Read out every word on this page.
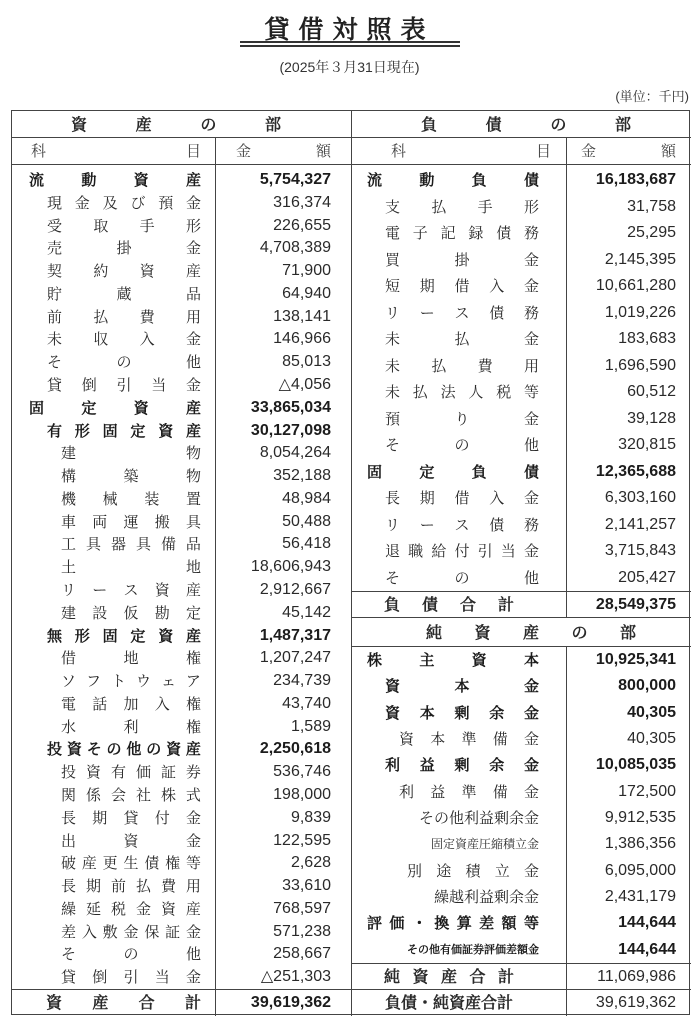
貸借対照表
(2025年３月31日現在)
(単位：千円)
資	産	の	部	負	債	の	部
科	目 金	額	科	目 金	額
流 動 資 産	5,754,327
現 金 及 び 預 金	316,374
受 取 手 形	226,655
売	掛	金	4,708,389
契 約 資 産	71,900
貯	蔵	品	64,940
前 払 費 用	138,141
未 収 入 金	146,966
そ	の	他	85,013
貸 倒 引 当 金	△4,056
固 定 資 産	33,865,034
有 形 固 定 資 産	30,127,098
建	物	8,054,264
構	築	物	352,188
機 械 装 置	48,984
車 両 運 搬 具	50,488
工 具 器 具 備 品	56,418
土	地	18,606,943
リ ー ス 資 産	2,912,667
建 設 仮 勘 定	45,142
無 形 固 定 資 産	1,487,317
借	地	権	1,207,247
ソ フ ト ウ ェ ア	234,739
電 話 加 入 権	43,740
水	利	権	1,589
投 資 そ の 他 の 資 産	2,250,618
投 資 有 価 証 券	536,746
関 係 会 社 株 式	198,000
長 期 貸 付 金	9,839
出	資	金	122,595
破 産 更 生 債 権 等	2,628
長 期 前 払 費 用	33,610
繰 延 税 金 資 産	768,597
差 入 敷 金 保 証 金	571,238
そ	の	他	258,667
貸 倒 引 当 金	△251,303
資 産 合 計	39,619,362
流 動 負 債	16,183,687
支 払 手 形	31,758
電 子 記 録 債 務	25,295
買	掛	金	2,145,395
短 期 借 入 金	10,661,280
リ ー ス 債 務	1,019,226
未	払	金	183,683
未 払 費 用	1,696,590
未 払 法 人 税 等	60,512
預	り	金	39,128
そ	の	他	320,815
固 定 負 債	12,365,688
長 期 借 入 金	6,303,160
リ ー ス 債 務	2,141,257
退 職 給 付 引 当 金	3,715,843
そ	の	他	205,427
負 債 合 計	28,549,375
純 資 産 の 部
株 主 資 本	10,925,341
資	本	金	800,000
資 本 剰 余 金	40,305
資 本 準 備 金	40,305
利 益 剰 余 金	10,085,035
利 益 準 備 金	172,500
その他利益剰余金	9,912,535
固定資産圧縮積立金	1,386,356
別 途 積 立 金	6,095,000
繰越利益剰余金	2,431,179
評 価 ・ 換 算 差 額 等	144,644
その他有価証券評価差額金	144,644
純 資 産 合 計	11,069,986
負債・純資産合計	39,619,362
